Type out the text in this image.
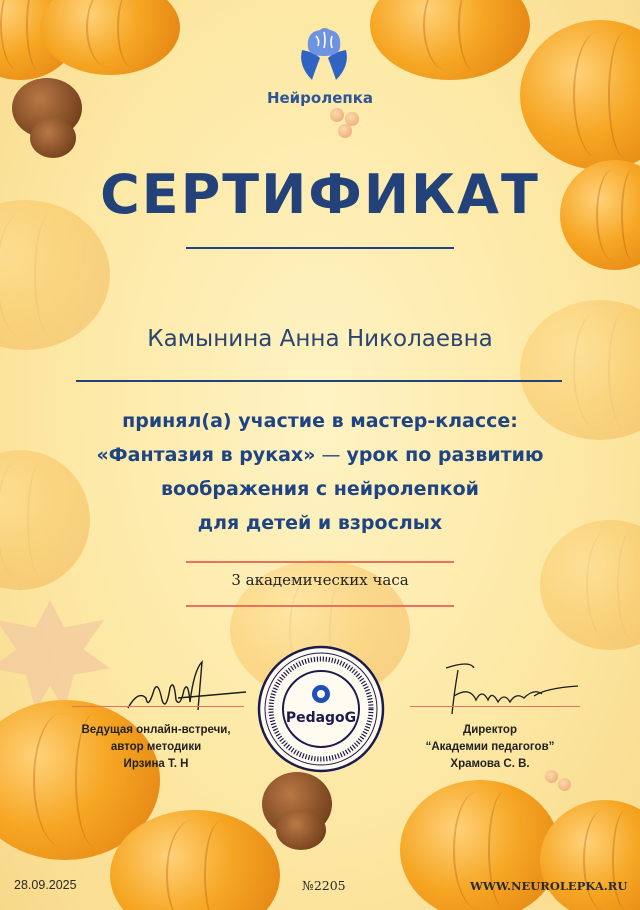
Нейролепка
СЕРТИФИКАТ
Камынина Анна Николаевна
принял(а) участие в мастер-классе:
«Фантазия в руках» — урок по развитию
воображения с нейролепкой
для детей и взрослых
3 академических часа
Ведущая онлайн-встречи,
автор методики
Ирзина Т. Н
PedagoG
Директор
“Академии педагогов”
Храмова С. В.
28.09.2025	№2205	WWW.NEUROLEPKA.RU
